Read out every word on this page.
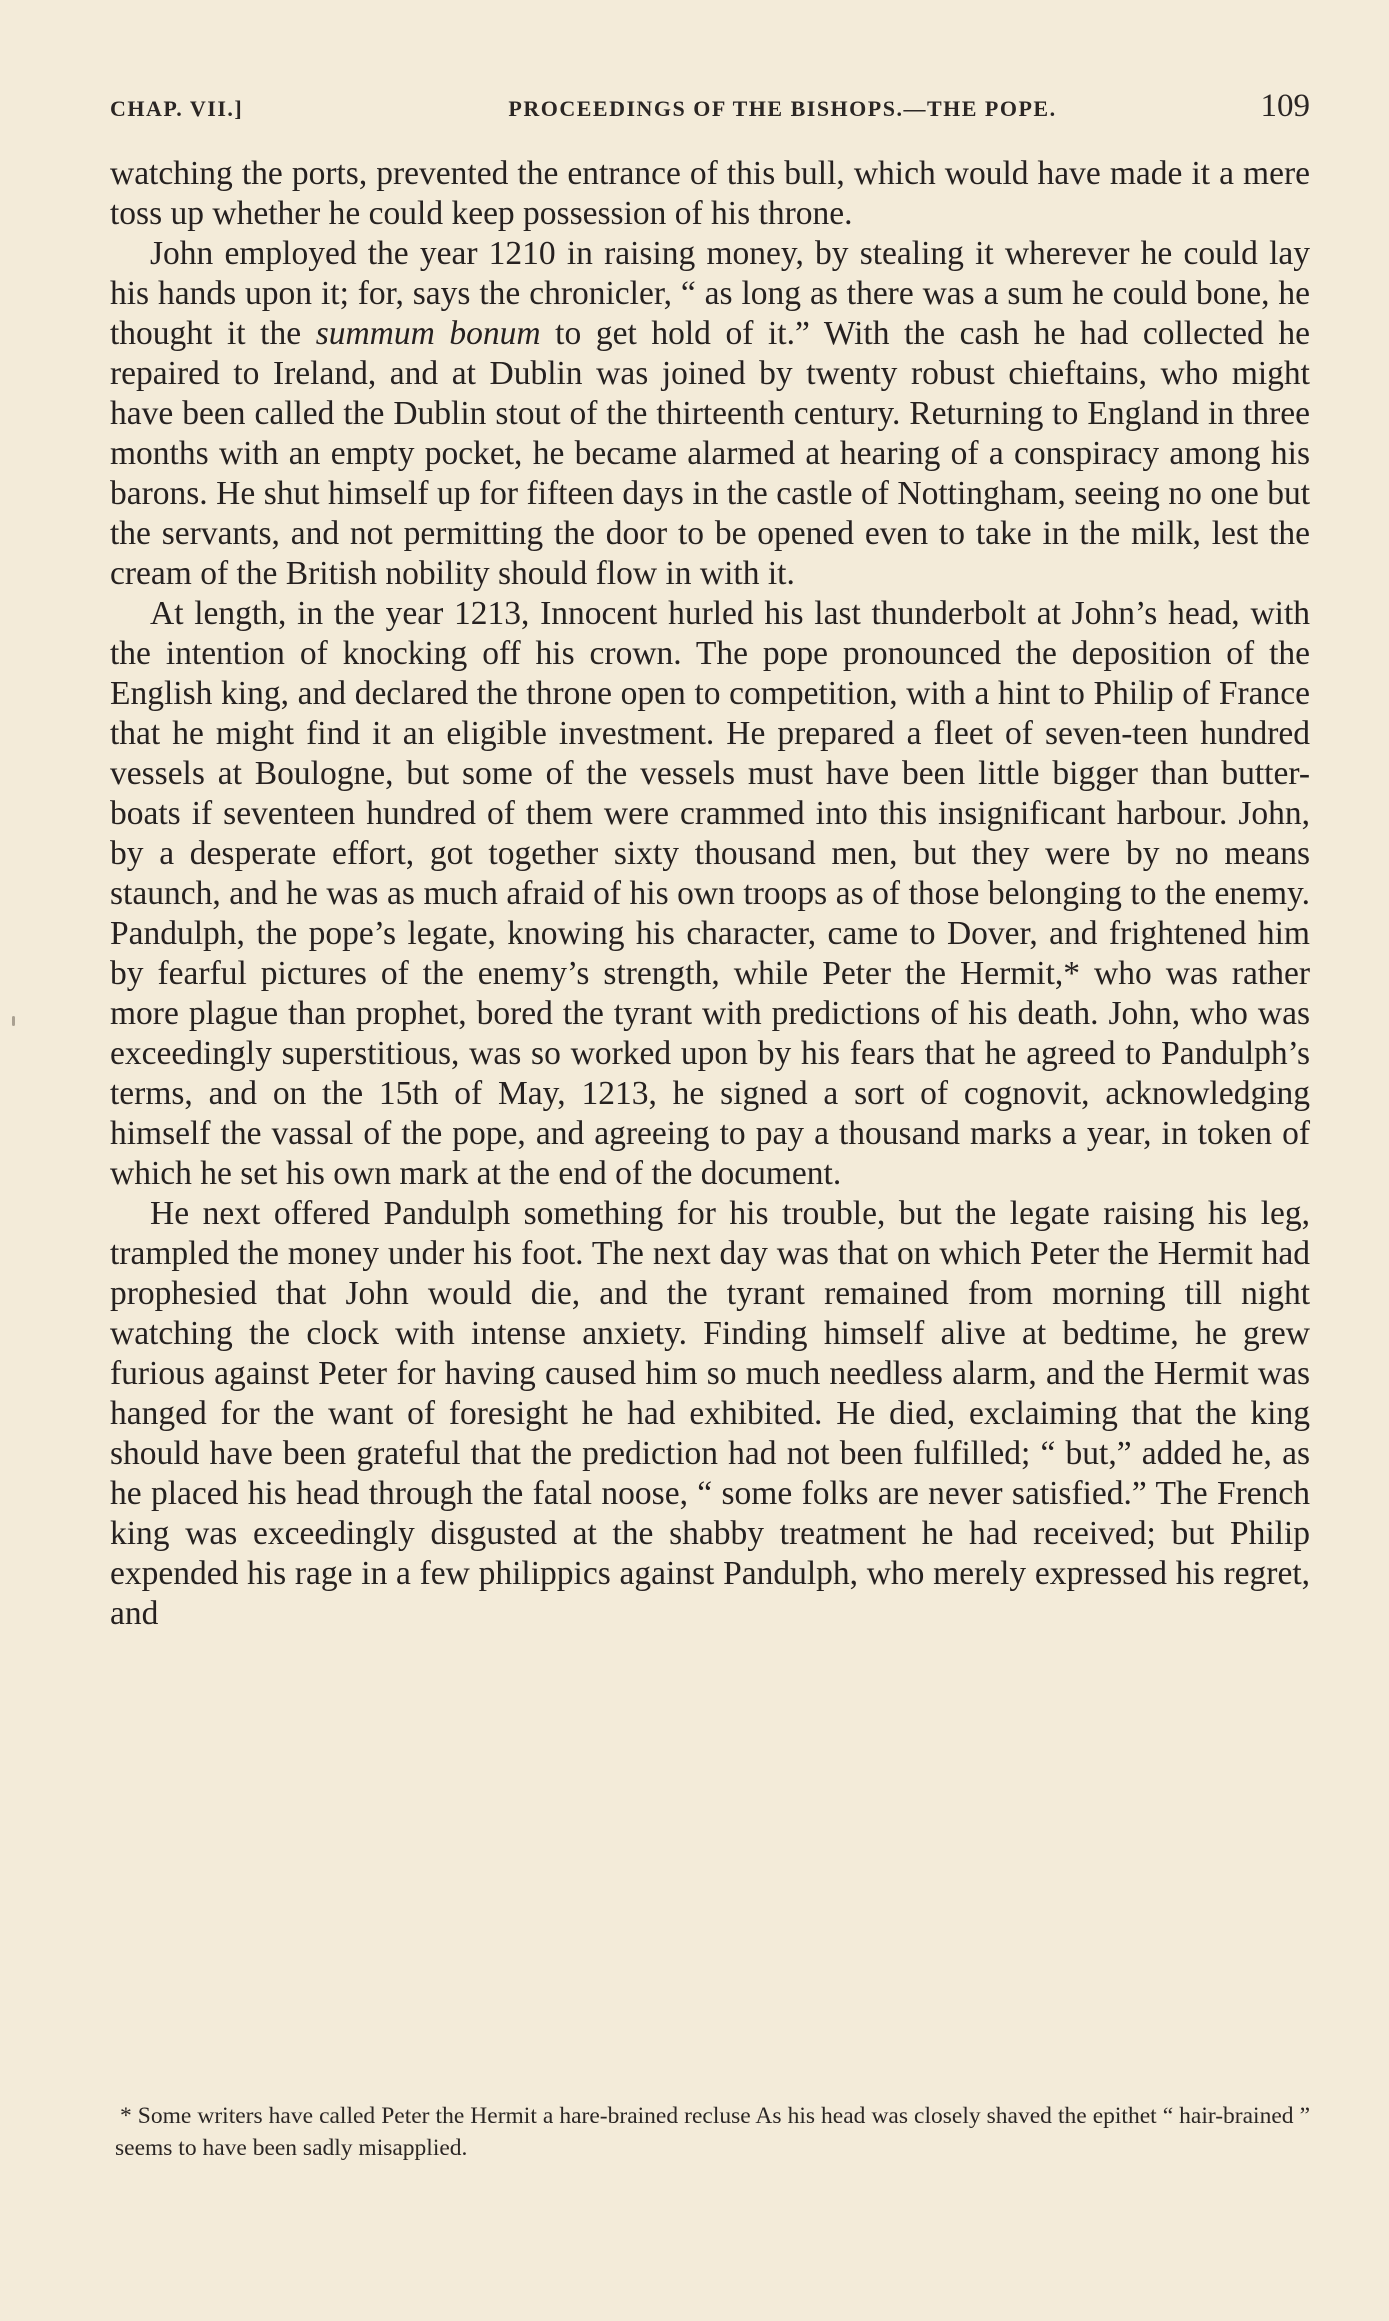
CHAP. VII.]	PROCEEDINGS OF THE BISHOPS.—THE POPE.	109

watching the ports, prevented the entrance of this bull, which would have made it a mere toss up whether he could keep possession of his throne.

John employed the year 1210 in raising money, by stealing it wherever he could lay his hands upon it; for, says the chronicler, “ as long as there was a sum he could bone, he thought it the summum bonum to get hold of it.” With the cash he had collected he repaired to Ireland, and at Dublin was joined by twenty robust chieftains, who might have been called the Dublin stout of the thirteenth century. Returning to England in three months with an empty pocket, he became alarmed at hearing of a conspiracy among his barons. He shut himself up for fifteen days in the castle of Nottingham, seeing no one but the servants, and not permitting the door to be opened even to take in the milk, lest the cream of the British nobility should flow in with it.

At length, in the year 1213, Innocent hurled his last thunderbolt at John’s head, with the intention of knocking off his crown. The pope pronounced the deposition of the English king, and declared the throne open to competition, with a hint to Philip of France that he might find it an eligible investment. He prepared a fleet of seven-teen hundred vessels at Boulogne, but some of the vessels must have been little bigger than butter-boats if seventeen hundred of them were crammed into this insignificant harbour. John, by a desperate effort, got together sixty thousand men, but they were by no means staunch, and he was as much afraid of his own troops as of those belonging to the enemy. Pandulph, the pope’s legate, knowing his character, came to Dover, and frightened him by fearful pictures of the enemy’s strength, while Peter the Hermit,* who was rather more plague than prophet, bored the tyrant with predictions of his death. John, who was exceedingly superstitious, was so worked upon by his fears that he agreed to Pandulph’s terms, and on the 15th of May, 1213, he signed a sort of cognovit, acknowledging himself the vassal of the pope, and agreeing to pay a thousand marks a year, in token of which he set his own mark at the end of the document.

He next offered Pandulph something for his trouble, but the legate raising his leg, trampled the money under his foot. The next day was that on which Peter the Hermit had prophesied that John would die, and the tyrant remained from morning till night watching the clock with intense anxiety. Finding himself alive at bedtime, he grew furious against Peter for having caused him so much needless alarm, and the Hermit was hanged for the want of foresight he had exhibited. He died, exclaiming that the king should have been grateful that the prediction had not been fulfilled; “ but,” added he, as he placed his head through the fatal noose, “ some folks are never satisfied.” The French king was exceedingly disgusted at the shabby treatment he had received; but Philip expended his rage in a few philippics against Pandulph, who merely expressed his regret, and

* Some writers have called Peter the Hermit a hare-brained recluse As his head was closely shaved the epithet “ hair-brained ” seems to have been sadly misapplied.
